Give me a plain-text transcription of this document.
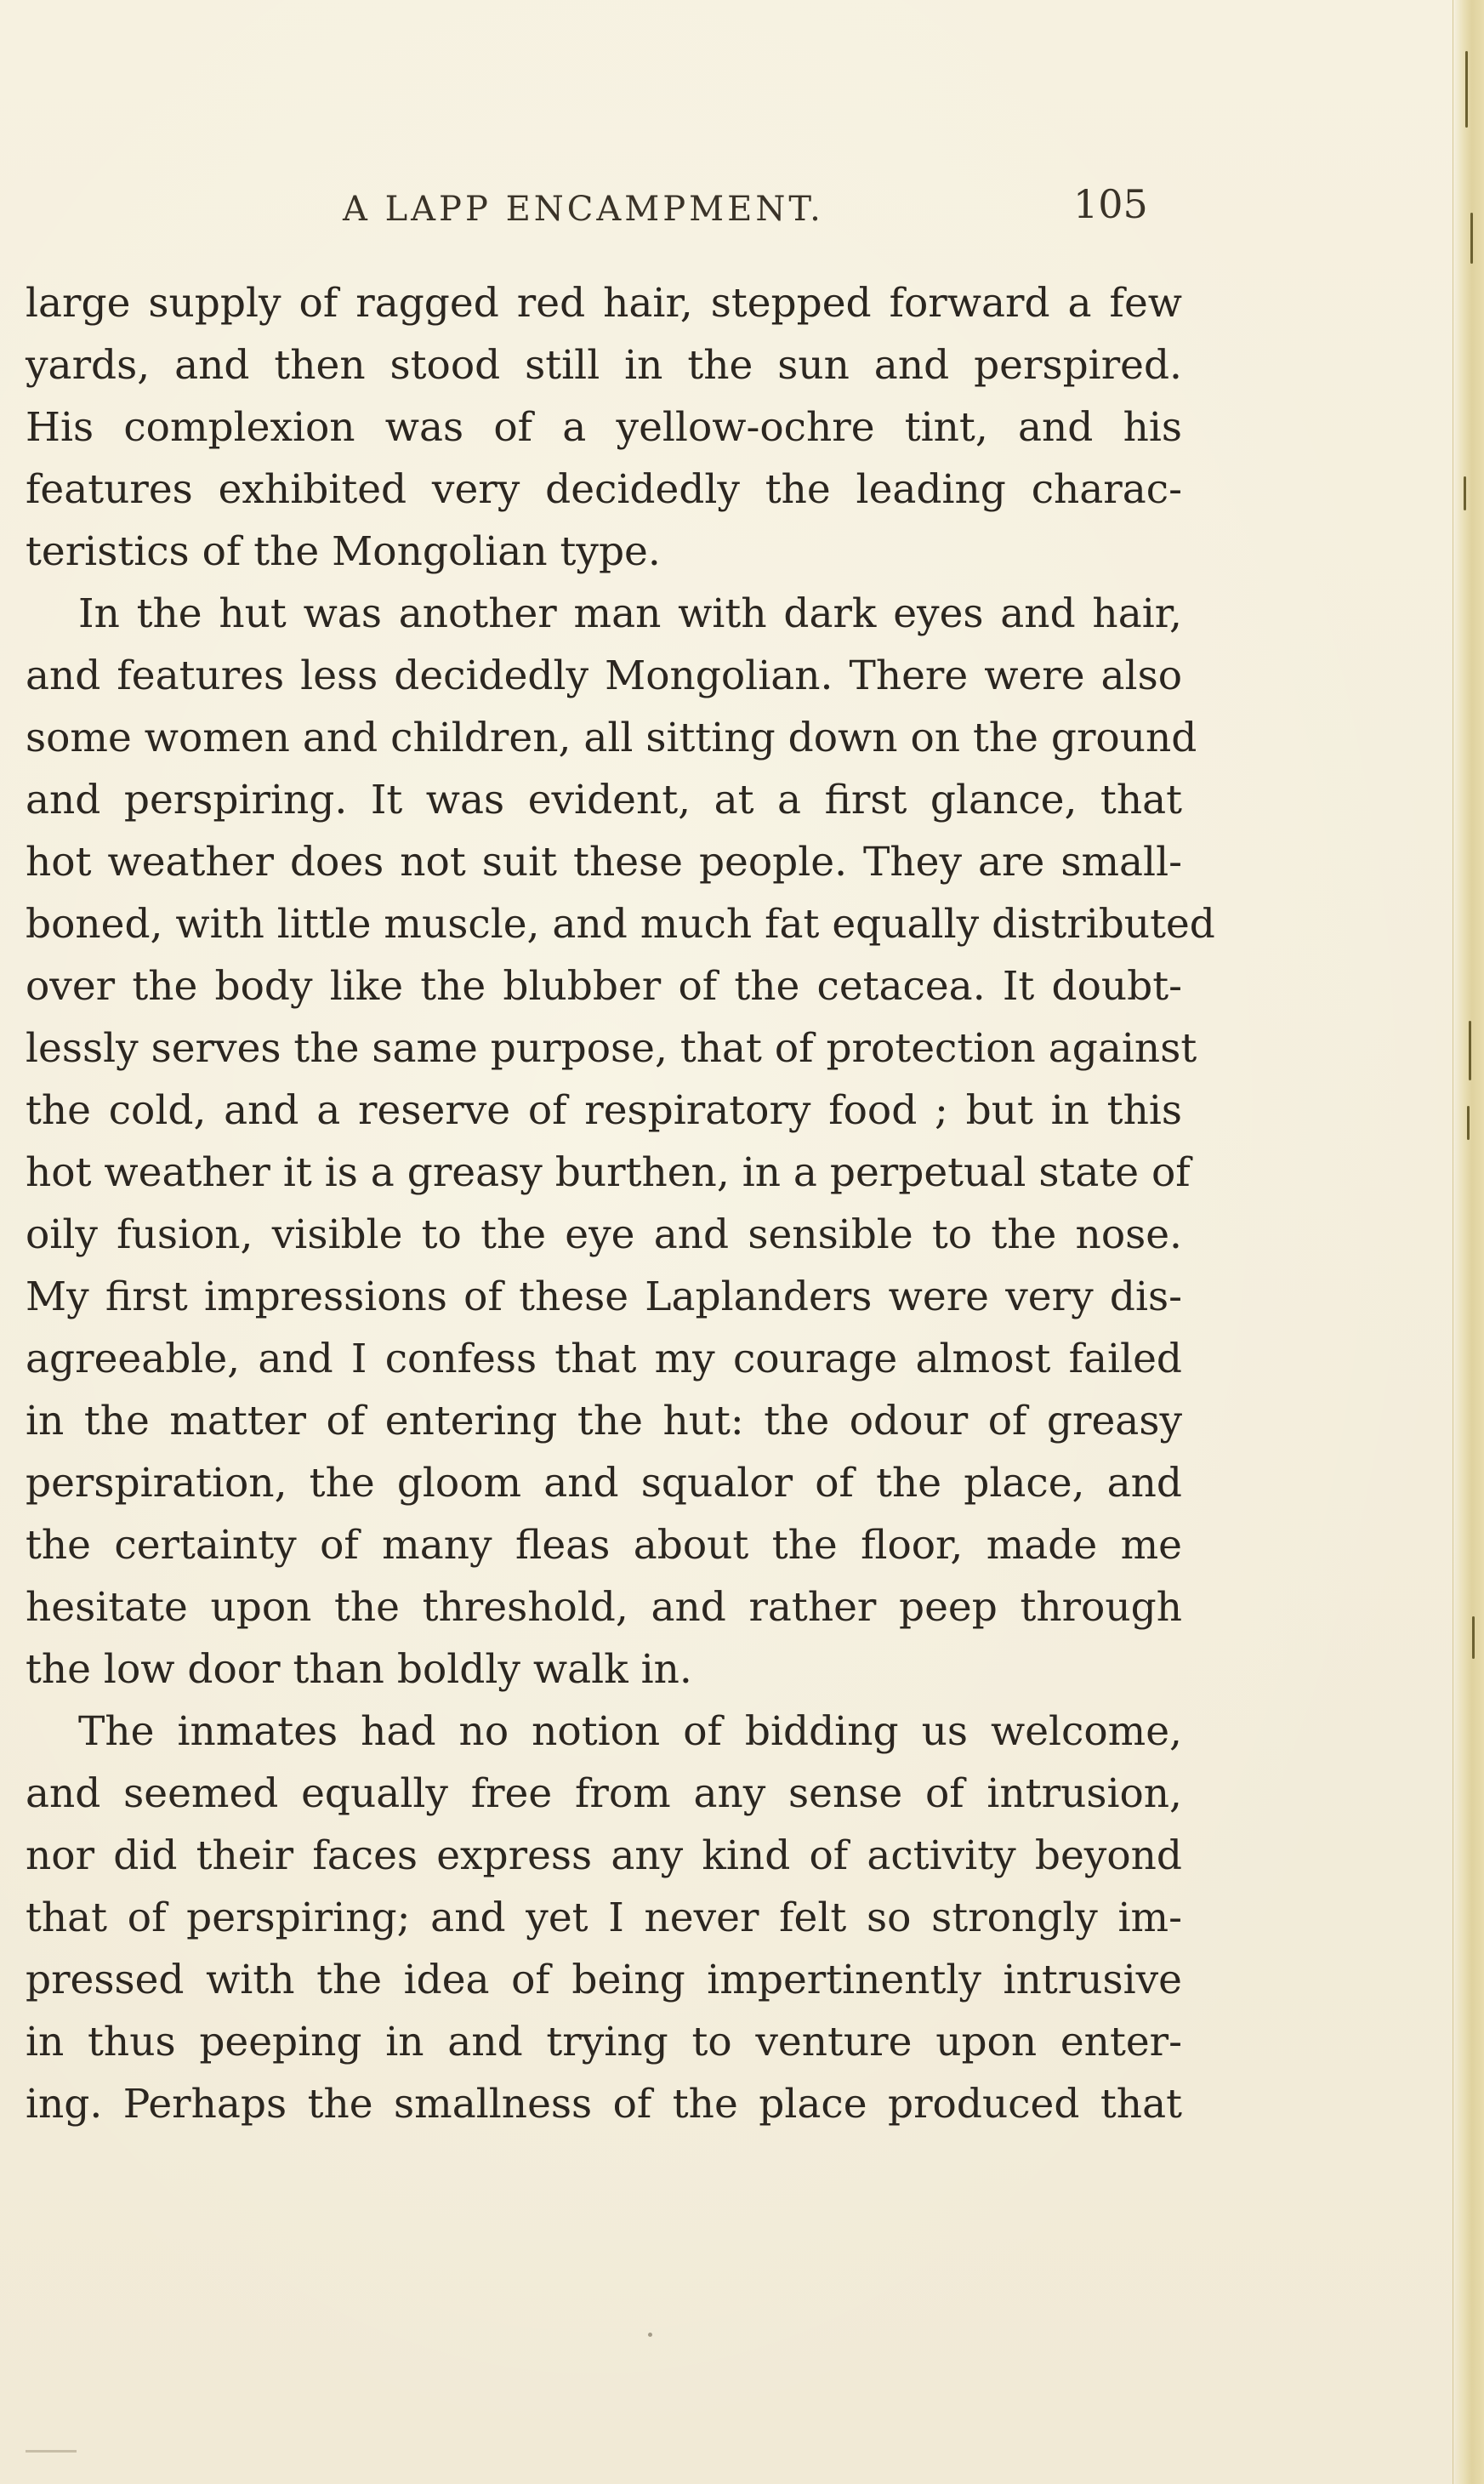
A LAPP ENCAMPMENT.	105
large supply of ragged red hair, stepped forward a few
yards, and then stood still in the sun and perspired.
His complexion was of a yellow-ochre tint, and his
features exhibited very decidedly the leading charac-
teristics of the Mongolian type.
In the hut was another man with dark eyes and hair,
and features less decidedly Mongolian. There were also
some women and children, all sitting down on the ground
and perspiring. It was evident, at a first glance, that
hot weather does not suit these people. They are small-
boned, with little muscle, and much fat equally distributed
over the body like the blubber of the cetacea. It doubt-
lessly serves the same purpose, that of protection against
the cold, and a reserve of respiratory food ; but in this
hot weather it is a greasy burthen, in a perpetual state of
oily fusion, visible to the eye and sensible to the nose.
My first impressions of these Laplanders were very dis-
agreeable, and I confess that my courage almost failed
in the matter of entering the hut: the odour of greasy
perspiration, the gloom and squalor of the place, and
the certainty of many fleas about the floor, made me
hesitate upon the threshold, and rather peep through
the low door than boldly walk in.
The inmates had no notion of bidding us welcome,
and seemed equally free from any sense of intrusion,
nor did their faces express any kind of activity beyond
that of perspiring; and yet I never felt so strongly im-
pressed with the idea of being impertinently intrusive
in thus peeping in and trying to venture upon enter-
ing. Perhaps the smallness of the place produced that
